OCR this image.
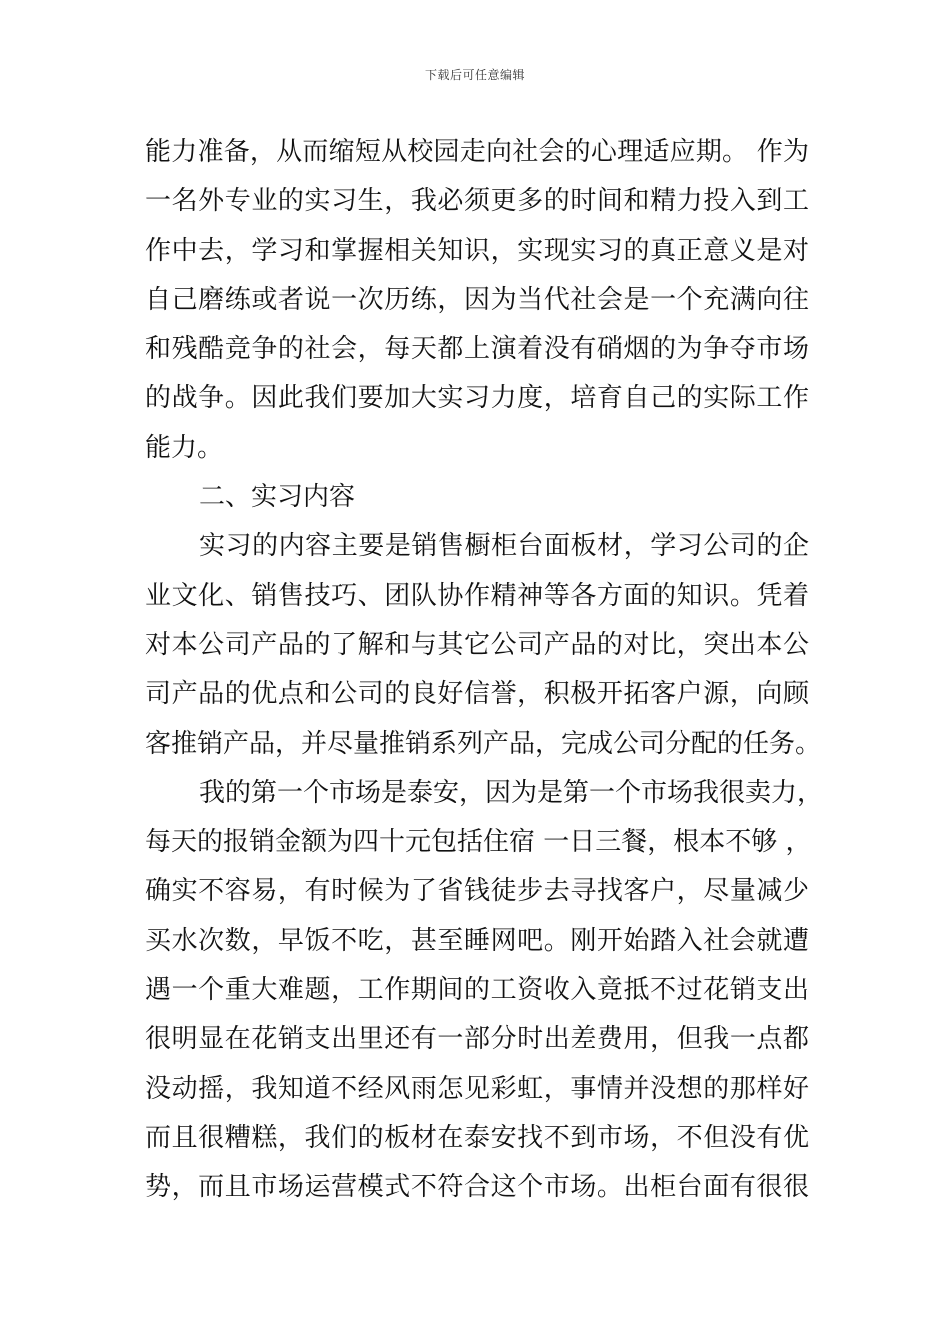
下载后可任意编辑
能力准备，从而缩短从校园走向社会的心理适应期。 作为
一名外专业的实习生，我必须更多的时间和精力投入到工
作中去，学习和掌握相关知识，实现实习的真正意义是对
自己磨练或者说一次历练，因为当代社会是一个充满向往
和残酷竞争的社会，每天都上演着没有硝烟的为争夺市场
的战争。因此我们要加大实习力度，培育自己的实际工作
能力。
二、实习内容
实习的内容主要是销售橱柜台面板材，学习公司的企
业文化、销售技巧、团队协作精神等各方面的知识。凭着
对本公司产品的了解和与其它公司产品的对比，突出本公
司产品的优点和公司的良好信誉，积极开拓客户源，向顾
客推销产品，并尽量推销系列产品，完成公司分配的任务。
我的第一个市场是泰安，因为是第一个市场我很卖力，
每天的报销金额为四十元包括住宿 一日三餐，根本不够 ，
确实不容易，有时候为了省钱徒步去寻找客户，尽量减少
买水次数，早饭不吃，甚至睡网吧。刚开始踏入社会就遭
遇一个重大难题，工作期间的工资收入竟抵不过花销支出
很明显在花销支出里还有一部分时出差费用，但我一点都
没动摇，我知道不经风雨怎见彩虹，事情并没想的那样好
而且很糟糕，我们的板材在泰安找不到市场，不但没有优
势，而且市场运营模式不符合这个市场。出柜台面有很很
